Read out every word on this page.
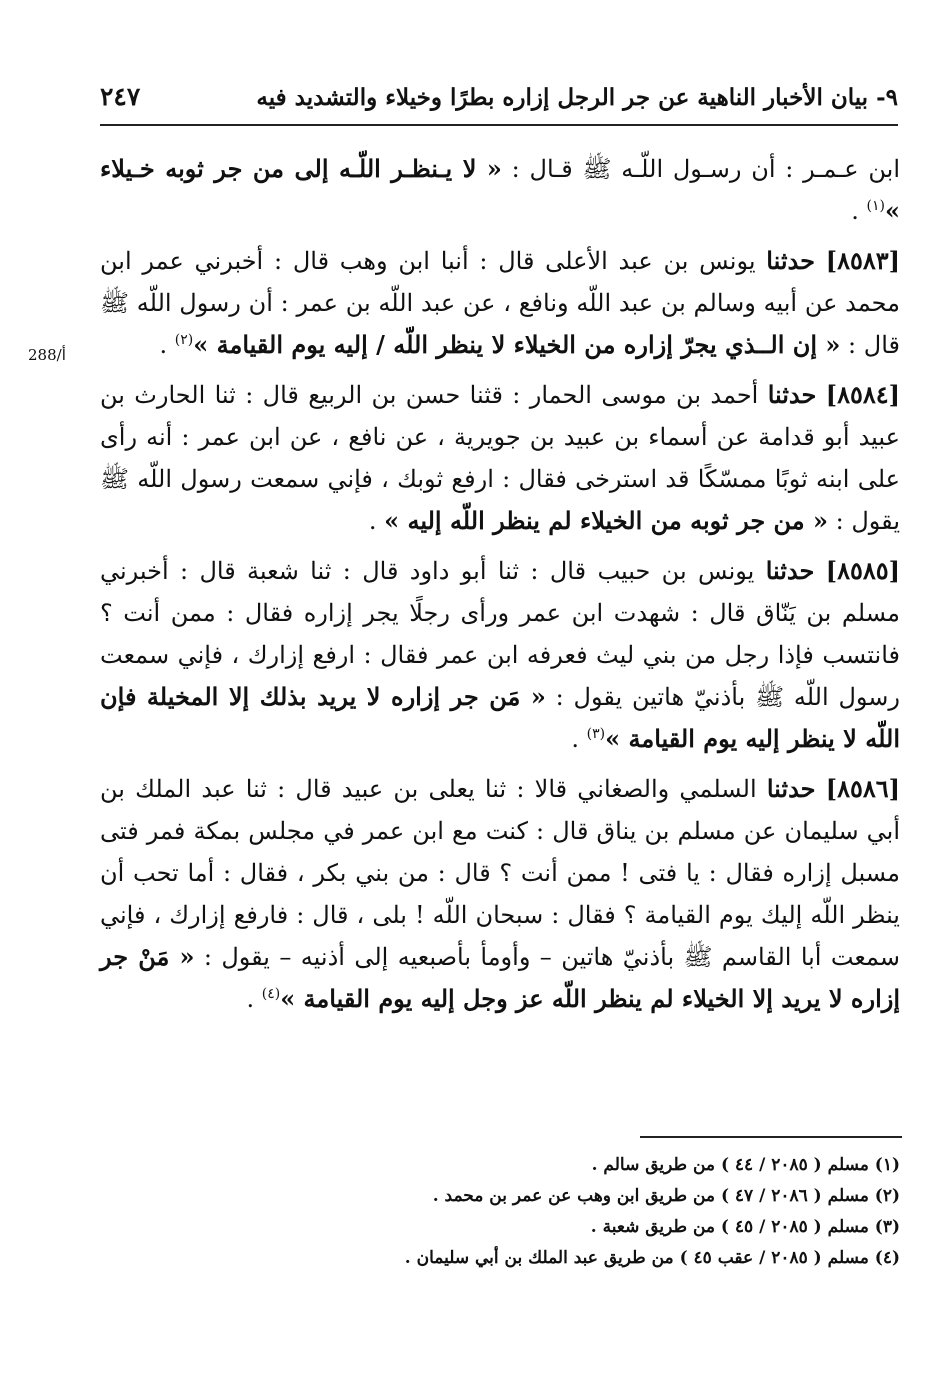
٩- بيان الأخبار الناهية عن جر الرجل إزاره بطرًا وخيلاء والتشديد فيه
٢٤٧
288/أ

ابن عـمـر : أن رسـول اللّـه ﷺ قـال : « لا يـنظـر اللّـه إلى من جر ثوبه خـيلاء »$^{(١)}$ .

[٨٥٨٣] حدثنا يونس بن عبد الأعلى قال : أنبا ابن وهب قال : أخبرني عمر ابن محمد عن أبيه وسالم بن عبد اللّه ونافع ، عن عبد اللّه بن عمر : أن رسول اللّه ﷺ قال : « إن الــذي يجرّ إزاره من الخيلاء لا ينظر اللّه / إليه يوم القيامة »$^{(٢)}$ .

[٨٥٨٤] حدثنا أحمد بن موسى الحمار : قثنا حسن بن الربيع قال : ثنا الحارث بن عبيد أبو قدامة عن أسماء بن عبيد بن جويرية ، عن نافع ، عن ابن عمر : أنه رأى على ابنه ثوبًا ممسّكًا قد استرخى فقال : ارفع ثوبك ، فإني سمعت رسول اللّه ﷺ يقول : « من جر ثوبه من الخيلاء لم ينظر اللّه إليه » .

[٨٥٨٥] حدثنا يونس بن حبيب قال : ثنا أبو داود قال : ثنا شعبة قال : أخبرني مسلم بن يَنّاق قال : شهدت ابن عمر ورأى رجلًا يجر إزاره فقال : ممن أنت ؟ فانتسب فإذا رجل من بني ليث فعرفه ابن عمر فقال : ارفع إزارك ، فإني سمعت رسول اللّه ﷺ بأذنيّ هاتين يقول : « مَن جر إزاره لا يريد بذلك إلا المخيلة فإن اللّه لا ينظر إليه يوم القيامة »$^{(٣)}$ .

[٨٥٨٦] حدثنا السلمي والصغاني قالا : ثنا يعلى بن عبيد قال : ثنا عبد الملك بن أبي سليمان عن مسلم بن يناق قال : كنت مع ابن عمر في مجلس بمكة فمر فتى مسبل إزاره فقال : يا فتى ! ممن أنت ؟ قال : من بني بكر ، فقال : أما تحب أن ينظر اللّه إليك يوم القيامة ؟ فقال : سبحان اللّه ! بلى ، قال : فارفع إزارك ، فإني سمعت أبا القاسم ﷺ بأذنيّ هاتين – وأومأ بأصبعيه إلى أذنيه – يقول : « مَنْ جر إزاره لا يريد إلا الخيلاء لم ينظر اللّه عز وجل إليه يوم القيامة »$^{(٤)}$ .

(١) مسلم ( ٢٠٨٥ / ٤٤ ) من طريق سالم .
(٢) مسلم ( ٢٠٨٦ / ٤٧ ) من طريق ابن وهب عن عمر بن محمد .
(٣) مسلم ( ٢٠٨٥ / ٤٥ ) من طريق شعبة .
(٤) مسلم ( ٢٠٨٥ / عقب ٤٥ ) من طريق عبد الملك بن أبي سليمان .
